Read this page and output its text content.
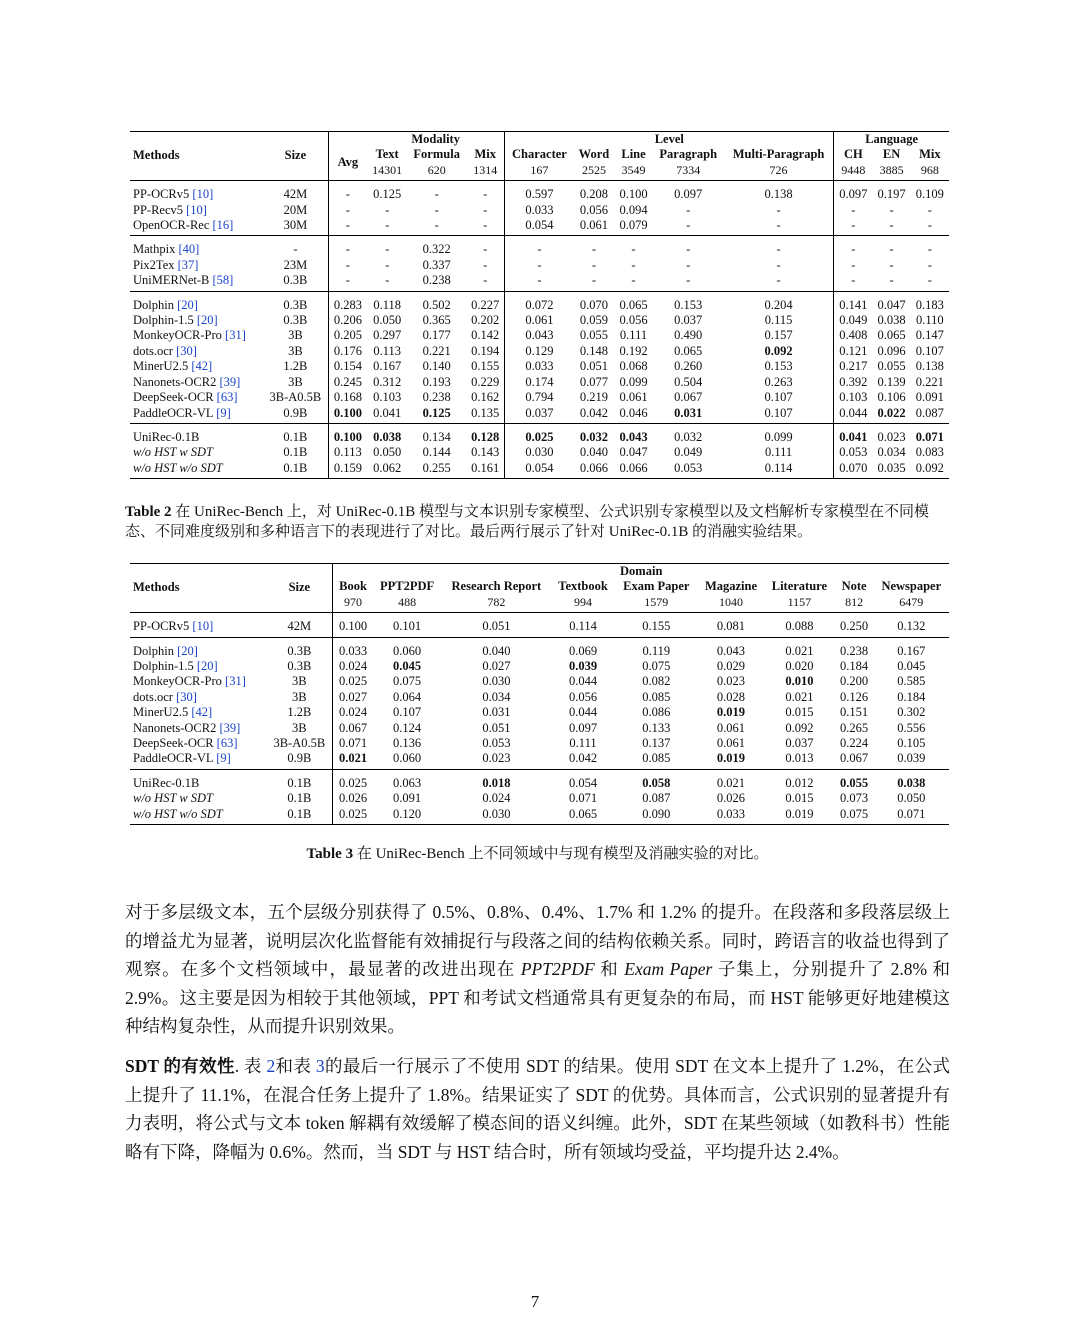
Methods	Size	Avg	Modality			Level					Language		
			Text	Formula	Mix	Character	Word	Line	Paragraph	Multi-Paragraph	CH	EN	Mix
			14301	620	1314	167	2525	3549	7334	726	9448	3885	968
PP-OCRv5 [10]	42M	-	0.125	-	-	0.597	0.208	0.100	0.097	0.138	0.097	0.197	0.109
PP-Recv5 [10]	20M	-	-	-	-	0.033	0.056	0.094	-	-	-	-	-
OpenOCR-Rec [16]	30M	-	-	-	-	0.054	0.061	0.079	-	-	-	-	-
Mathpix [40]	-	-	-	0.322	-	-	-	-	-	-	-	-	-
Pix2Tex [37]	23M	-	-	0.337	-	-	-	-	-	-	-	-	-
UniMERNet-B [58]	0.3B	-	-	0.238	-	-	-	-	-	-	-	-	-
Dolphin [20]	0.3B	0.283	0.118	0.502	0.227	0.072	0.070	0.065	0.153	0.204	0.141	0.047	0.183
Dolphin-1.5 [20]	0.3B	0.206	0.050	0.365	0.202	0.061	0.059	0.056	0.037	0.115	0.049	0.038	0.110
MonkeyOCR-Pro [31]	3B	0.205	0.297	0.177	0.142	0.043	0.055	0.111	0.490	0.157	0.408	0.065	0.147
dots.ocr [30]	3B	0.176	0.113	0.221	0.194	0.129	0.148	0.192	0.065	0.092	0.121	0.096	0.107
MinerU2.5 [42]	1.2B	0.154	0.167	0.140	0.155	0.033	0.051	0.068	0.260	0.153	0.217	0.055	0.138
Nanonets-OCR2 [39]	3B	0.245	0.312	0.193	0.229	0.174	0.077	0.099	0.504	0.263	0.392	0.139	0.221
DeepSeek-OCR [63]	3B-A0.5B	0.168	0.103	0.238	0.162	0.794	0.219	0.061	0.067	0.107	0.103	0.106	0.091
PaddleOCR-VL [9]	0.9B	0.100	0.041	0.125	0.135	0.037	0.042	0.046	0.031	0.107	0.044	0.022	0.087
UniRec-0.1B	0.1B	0.100	0.038	0.134	0.128	0.025	0.032	0.043	0.032	0.099	0.041	0.023	0.071
w/o HST w SDT	0.1B	0.113	0.050	0.144	0.143	0.030	0.040	0.047	0.049	0.111	0.053	0.034	0.083
w/o HST w/o SDT	0.1B	0.159	0.062	0.255	0.161	0.054	0.066	0.066	0.053	0.114	0.070	0.035	0.092
Table 2 在 UniRec-Bench 上，对 UniRec-0.1B 模型与文本识别专家模型、公式识别专家模型以及文档解析专家模型在不同模态、不同难度级别和多种语言下的表现进行了对比。最后两行展示了针对 UniRec-0.1B 的消融实验结果。
Methods	Size	Domain								
		Book	PPT2PDF	Research Report	Textbook	Exam Paper	Magazine	Literature	Note	Newspaper
		970	488	782	994	1579	1040	1157	812	6479
PP-OCRv5 [10]	42M	0.100	0.101	0.051	0.114	0.155	0.081	0.088	0.250	0.132
Dolphin [20]	0.3B	0.033	0.060	0.040	0.069	0.119	0.043	0.021	0.238	0.167
Dolphin-1.5 [20]	0.3B	0.024	0.045	0.027	0.039	0.075	0.029	0.020	0.184	0.045
MonkeyOCR-Pro [31]	3B	0.025	0.075	0.030	0.044	0.082	0.023	0.010	0.200	0.585
dots.ocr [30]	3B	0.027	0.064	0.034	0.056	0.085	0.028	0.021	0.126	0.184
MinerU2.5 [42]	1.2B	0.024	0.107	0.031	0.044	0.086	0.019	0.015	0.151	0.302
Nanonets-OCR2 [39]	3B	0.067	0.124	0.051	0.097	0.133	0.061	0.092	0.265	0.556
DeepSeek-OCR [63]	3B-A0.5B	0.071	0.136	0.053	0.111	0.137	0.061	0.037	0.224	0.105
PaddleOCR-VL [9]	0.9B	0.021	0.060	0.023	0.042	0.085	0.019	0.013	0.067	0.039
UniRec-0.1B	0.1B	0.025	0.063	0.018	0.054	0.058	0.021	0.012	0.055	0.038
w/o HST w SDT	0.1B	0.026	0.091	0.024	0.071	0.087	0.026	0.015	0.073	0.050
w/o HST w/o SDT	0.1B	0.025	0.120	0.030	0.065	0.090	0.033	0.019	0.075	0.071
Table 3 在 UniRec-Bench 上不同领域中与现有模型及消融实验的对比。
对于多层级文本，五个层级分别获得了 0.5%、0.8%、0.4%、1.7% 和 1.2% 的提升。在段落和多段落层级上的增益尤为显著，说明层次化监督能有效捕捉行与段落之间的结构依赖关系。同时，跨语言的收益也得到了观察。在多个文档领域中，最显著的改进出现在 PPT2PDF 和 Exam Paper 子集上，分别提升了 2.8% 和 2.9%。这主要是因为相较于其他领域，PPT 和考试文档通常具有更复杂的布局，而 HST 能够更好地建模这种结构复杂性，从而提升识别效果。
SDT 的有效性. 表 2和表 3的最后一行展示了不使用 SDT 的结果。使用 SDT 在文本上提升了 1.2%，在公式上提升了 11.1%，在混合任务上提升了 1.8%。结果证实了 SDT 的优势。具体而言，公式识别的显著提升有力表明，将公式与文本 token 解耦有效缓解了模态间的语义纠缠。此外，SDT 在某些领域（如教科书）性能略有下降，降幅为 0.6%。然而，当 SDT 与 HST 结合时，所有领域均受益，平均提升达 2.4%。
7
